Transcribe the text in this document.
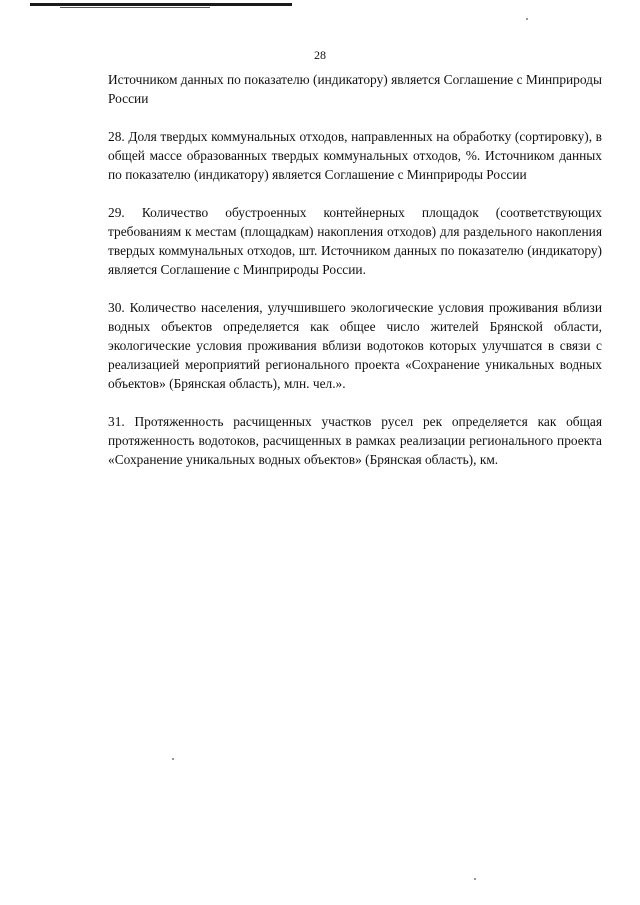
28

Источником данных по показателю (индикатору) является Соглашение с Минприроды России

28. Доля твердых коммунальных отходов, направленных на обработку (сортировку), в общей массе образованных твердых коммунальных отходов, %. Источником данных по показателю (индикатору) является Соглашение с Минприроды России

29. Количество обустроенных контейнерных площадок (соответствующих требованиям к местам (площадкам) накопления отходов) для раздельного накопления твердых коммунальных отходов, шт. Источником данных по показателю (индикатору) является Соглашение с Минприроды России.

30. Количество населения, улучшившего экологические условия проживания вблизи водных объектов определяется как общее число жителей Брянской области, экологические условия проживания вблизи водотоков которых улучшатся в связи с реализацией мероприятий регионального проекта «Сохранение уникальных водных объектов» (Брянская область), млн. чел.».

31. Протяженность расчищенных участков русел рек определяется как общая протяженность водотоков, расчищенных в рамках реализации регионального проекта «Сохранение уникальных водных объектов» (Брянская область), км.
